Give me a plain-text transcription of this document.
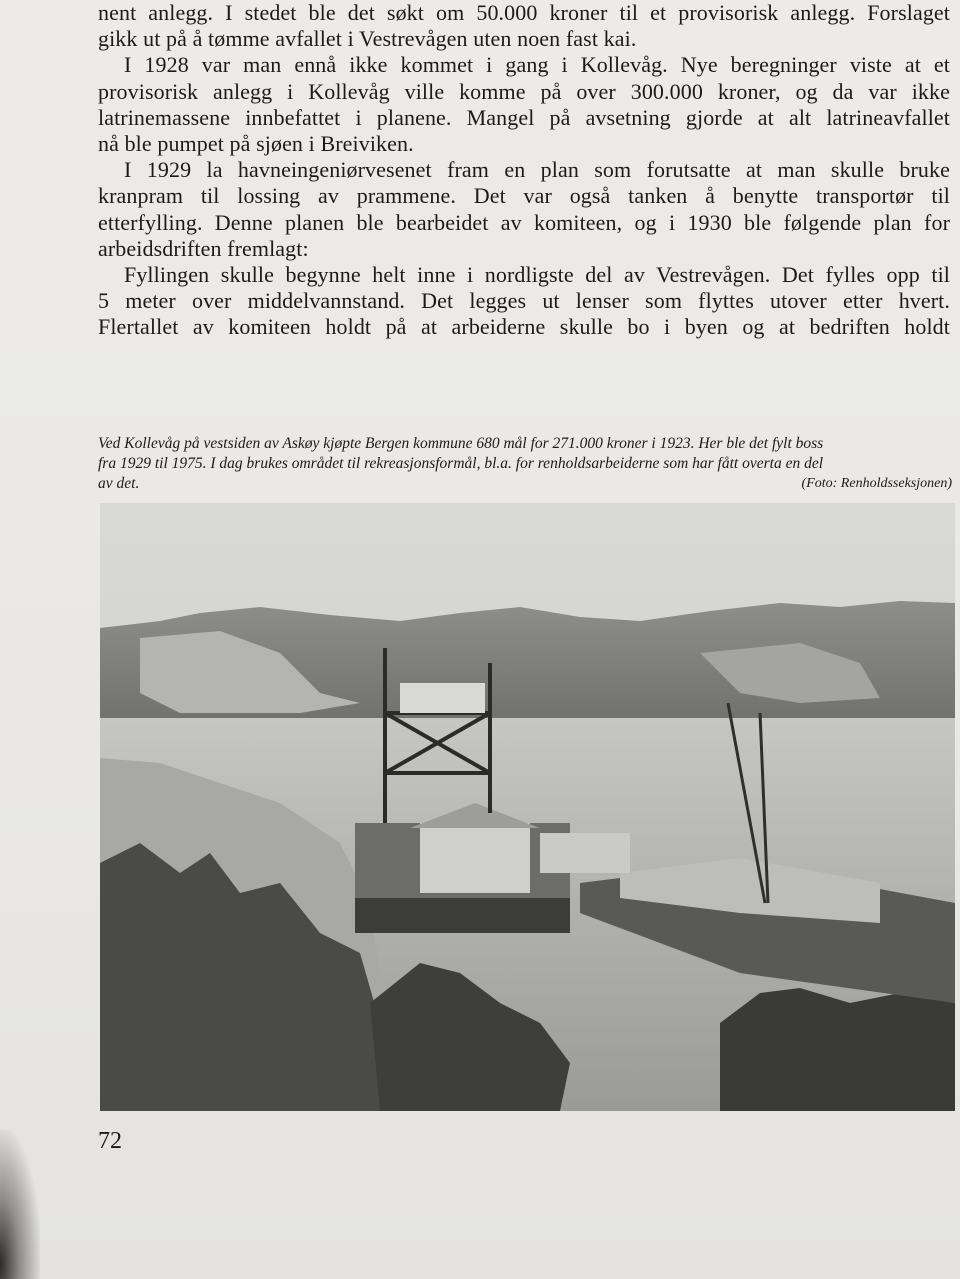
nent anlegg. I stedet ble det søkt om 50.000 kroner til et provisorisk anlegg. Forslaget

gikk ut på å tømme avfallet i Vestrevågen uten noen fast kai.

I 1928 var man ennå ikke kommet i gang i Kollevåg. Nye beregninger viste at et

provisorisk anlegg i Kollevåg ville komme på over 300.000 kroner, og da var ikke

latrinemassene innbefattet i planene. Mangel på avsetning gjorde at alt latrineavfallet

nå ble pumpet på sjøen i Breiviken.

I 1929 la havneingeniørvesenet fram en plan som forutsatte at man skulle bruke

kranpram til lossing av prammene. Det var også tanken å benytte transportør til

etterfylling. Denne planen ble bearbeidet av komiteen, og i 1930 ble følgende plan for

arbeidsdriften fremlagt:

Fyllingen skulle begynne helt inne i nordligste del av Vestrevågen. Det fylles opp til

5 meter over middelvannstand. Det legges ut lenser som flyttes utover etter hvert.

Flertallet av komiteen holdt på at arbeiderne skulle bo i byen og at bedriften holdt

Ved Kollevåg på vestsiden av Askøy kjøpte Bergen kommune 680 mål for 271.000 kroner i 1923. Her ble det fylt boss
fra 1929 til 1975. I dag brukes området til rekreasjonsformål, bl.a. for renholdsarbeiderne som har fått overta en del
av det.	(Foto: Renholdsseksjonen)
72
